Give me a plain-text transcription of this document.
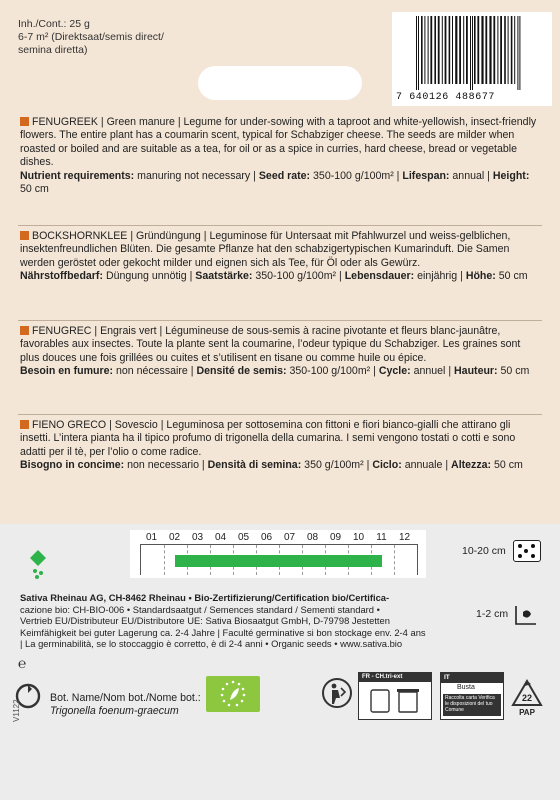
Inh./Cont.: 25 g
6-7 m² (Direktsaat/semis direct/
semina diretta)
7 640126 488677

FENUGREEK | Green manure | Legume for under-sowing with a taproot and white-yellowish, insect-friendly flowers. The entire plant has a coumarin scent, typical for Schabziger cheese. The seeds are milder when roasted or boiled and are suitable as a tea, for oil or as a spice in curries, hard cheese, bread or vegetable dishes.

Nutrient requirements: manuring not necessary | Seed rate: 350-100 g/100m² | Lifespan: annual | Height: 50 cm

BOCKSHORNKLEE | Gründüngung | Leguminose für Untersaat mit Pfahlwurzel und weiss-gelblichen, insektenfreundlichen Blüten. Die gesamte Pflanze hat den schabzigertypischen Kumarinduft. Die Samen werden geröstet oder gekocht milder und eignen sich als Tee, für Öl oder als Gewürz.

Nährstoffbedarf: Düngung unnötig | Saatstärke: 350-100 g/100m² | Lebensdauer: einjährig | Höhe: 50 cm

FENUGREC | Engrais vert | Légumineuse de sous-semis à racine pivotante et fleurs blanc-jaunâtre, favorables aux insectes. Toute la plante sent la coumarine, l’odeur typique du Schabziger. Les graines sont plus douces une fois grillées ou cuites et s’utilisent en tisane ou comme huile ou épice.

Besoin en fumure: non nécessaire | Densité de semis: 350-100 g/100m² | Cycle: annuel | Hauteur: 50 cm

FIENO GRECO | Sovescio | Leguminosa per sottosemina con fittoni e fiori bianco-gialli che attirano gli insetti. L’intera pianta ha il tipico profumo di trigonella della cumarina. I semi vengono tostati o cotti e sono adatti per il tè, per l’olio o come radice.

Bisogno in concime: non necessario | Densità di semina: 350 g/100m² | Ciclo: annuale | Altezza: 50 cm

01	02	03	04	05	06	07	08	09	10	11	12
10-20 cm
1-2 cm

Sativa Rheinau AG, CH-8462 Rheinau • Bio-Zertifizierung/Certification bio/Certifica-

cazione bio: CH-BIO-006 • Standardsaatgut / Semences standard / Sementi standard •

Vertrieb EU/Distributeur EU/Distributore UE: Sativa Biosaatgut GmbH, D-79798 Jestetten

Keimfähigkeit bei guter Lagerung ca. 2-4 Jahre | Faculté germinative si bon stockage env. 2-4 ans

| La germinabilità, se lo stoccaggio è corretto, è di 2-4 anni • Organic seeds • www.sativa.bio

℮
V1122
Bot. Name/Nom bot./Nome bot.:
Trigonella foenum-graecum
FR - CH.tri-ext	IT
Busta
Raccolta carta Verifica le disposizioni del tuo Comune
22
PAP
